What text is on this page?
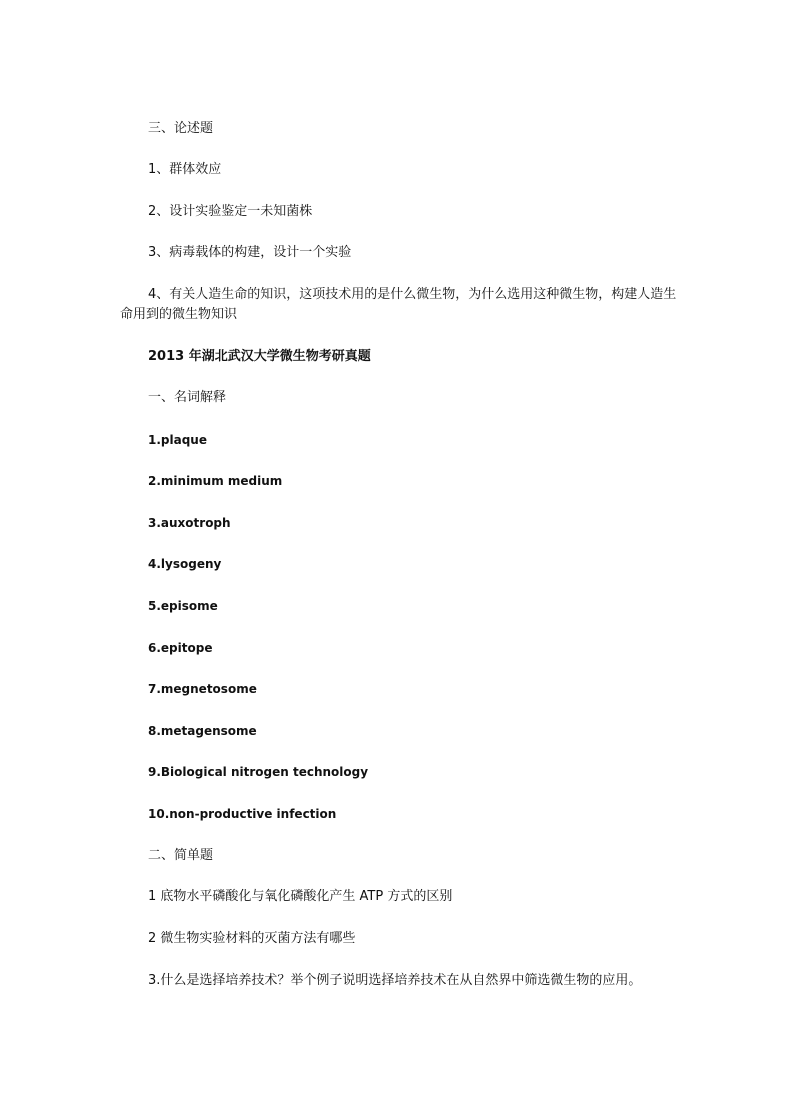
三、论述题
1、群体效应
2、设计实验鉴定一未知菌株
3、病毒载体的构建，设计一个实验
4、有关人造生命的知识，这项技术用的是什么微生物，为什么选用这种微生物，构建人造生命用到的微生物知识
2013 年湖北武汉大学微生物考研真题
一、名词解释
1.plaque
2.minimum medium
3.auxotroph
4.lysogeny
5.episome
6.epitope
7.megnetosome
8.metagensome
9.Biological nitrogen technology
10.non-productive infection
二、简单题
1 底物水平磷酸化与氧化磷酸化产生 ATP 方式的区别
2 微生物实验材料的灭菌方法有哪些
3.什么是选择培养技术？举个例子说明选择培养技术在从自然界中筛选微生物的应用。
